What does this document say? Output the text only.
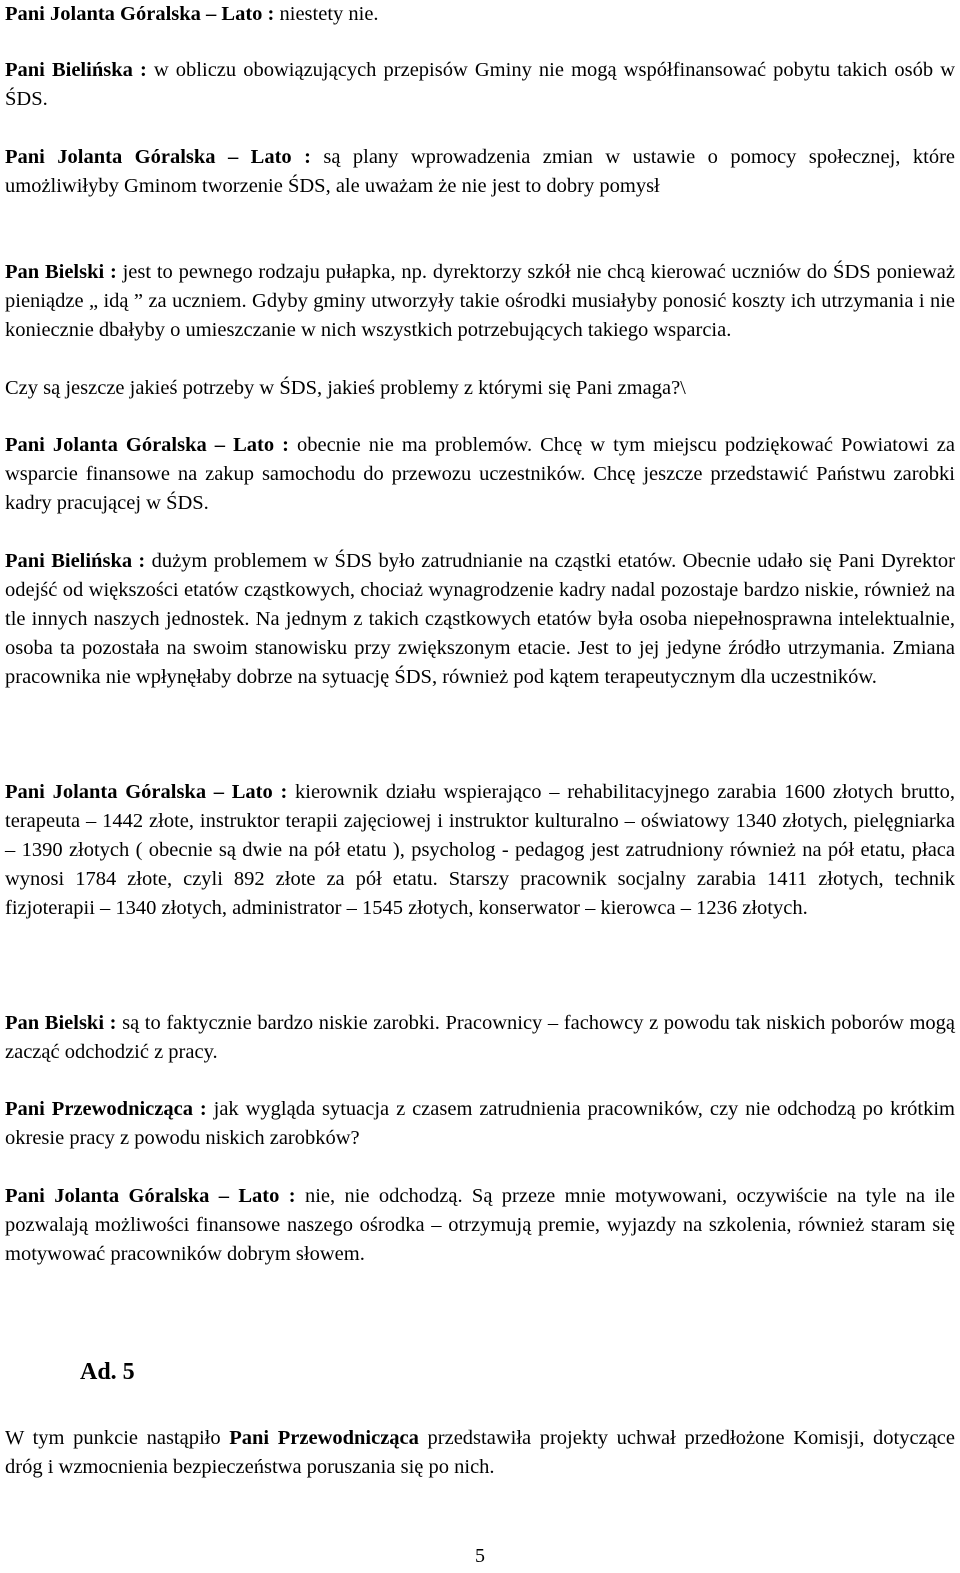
Pani Jolanta Góralska – Lato : niestety nie.

Pani Bielińska : w obliczu obowiązujących przepisów Gminy nie mogą współfinansować pobytu takich osób w ŚDS.

Pani Jolanta Góralska – Lato : są plany wprowadzenia zmian w ustawie o pomocy społecznej, które umożliwiłyby Gminom tworzenie ŚDS, ale uważam że nie jest to dobry pomysł

Pan Bielski : jest to pewnego rodzaju pułapka, np. dyrektorzy szkół nie chcą kierować uczniów do ŚDS ponieważ pieniądze „ idą ” za uczniem. Gdyby gminy utworzyły takie ośrodki musiałyby ponosić koszty ich utrzymania i nie koniecznie dbałyby o umieszczanie w nich wszystkich potrzebujących takiego wsparcia.

Czy są jeszcze jakieś potrzeby w ŚDS, jakieś problemy z którymi się Pani zmaga?\

Pani Jolanta Góralska – Lato : obecnie nie ma problemów. Chcę w tym miejscu podziękować Powiatowi za wsparcie finansowe na zakup samochodu do przewozu uczestników. Chcę jeszcze przedstawić Państwu zarobki kadry pracującej w ŚDS.

Pani Bielińska : dużym problemem w ŚDS było zatrudnianie na cząstki etatów. Obecnie udało się Pani Dyrektor odejść od większości etatów cząstkowych, chociaż wynagrodzenie kadry nadal pozostaje bardzo niskie, również na tle innych naszych jednostek. Na jednym z takich cząstkowych etatów była osoba niepełnosprawna intelektualnie, osoba ta pozostała na swoim stanowisku przy zwiększonym etacie. Jest to jej jedyne źródło utrzymania. Zmiana pracownika nie wpłynęłaby dobrze na sytuację ŚDS, również pod kątem terapeutycznym dla uczestników.

Pani Jolanta Góralska – Lato : kierownik działu wspierająco – rehabilitacyjnego zarabia 1600 złotych brutto, terapeuta – 1442 złote, instruktor terapii zajęciowej i instruktor kulturalno – oświatowy 1340 złotych, pielęgniarka – 1390 złotych ( obecnie są dwie na pół etatu ), psycholog - pedagog jest zatrudniony również na pół etatu, płaca wynosi 1784 złote, czyli 892 złote za pół etatu. Starszy pracownik socjalny zarabia 1411 złotych, technik fizjoterapii – 1340 złotych, administrator – 1545 złotych, konserwator – kierowca – 1236 złotych.

Pan Bielski : są to faktycznie bardzo niskie zarobki. Pracownicy – fachowcy z powodu tak niskich poborów mogą zacząć odchodzić z pracy.

Pani Przewodnicząca : jak wygląda sytuacja z czasem zatrudnienia pracowników, czy nie odchodzą po krótkim okresie pracy z powodu niskich zarobków?

Pani Jolanta Góralska – Lato : nie, nie odchodzą. Są przeze mnie motywowani, oczywiście na tyle na ile pozwalają możliwości finansowe naszego ośrodka – otrzymują premie, wyjazdy na szkolenia, również staram się motywować pracowników dobrym słowem.

Ad. 5

W tym punkcie nastąpiło Pani Przewodnicząca przedstawiła projekty uchwał przedłożone Komisji, dotyczące dróg i wzmocnienia bezpieczeństwa poruszania się po nich.

5
